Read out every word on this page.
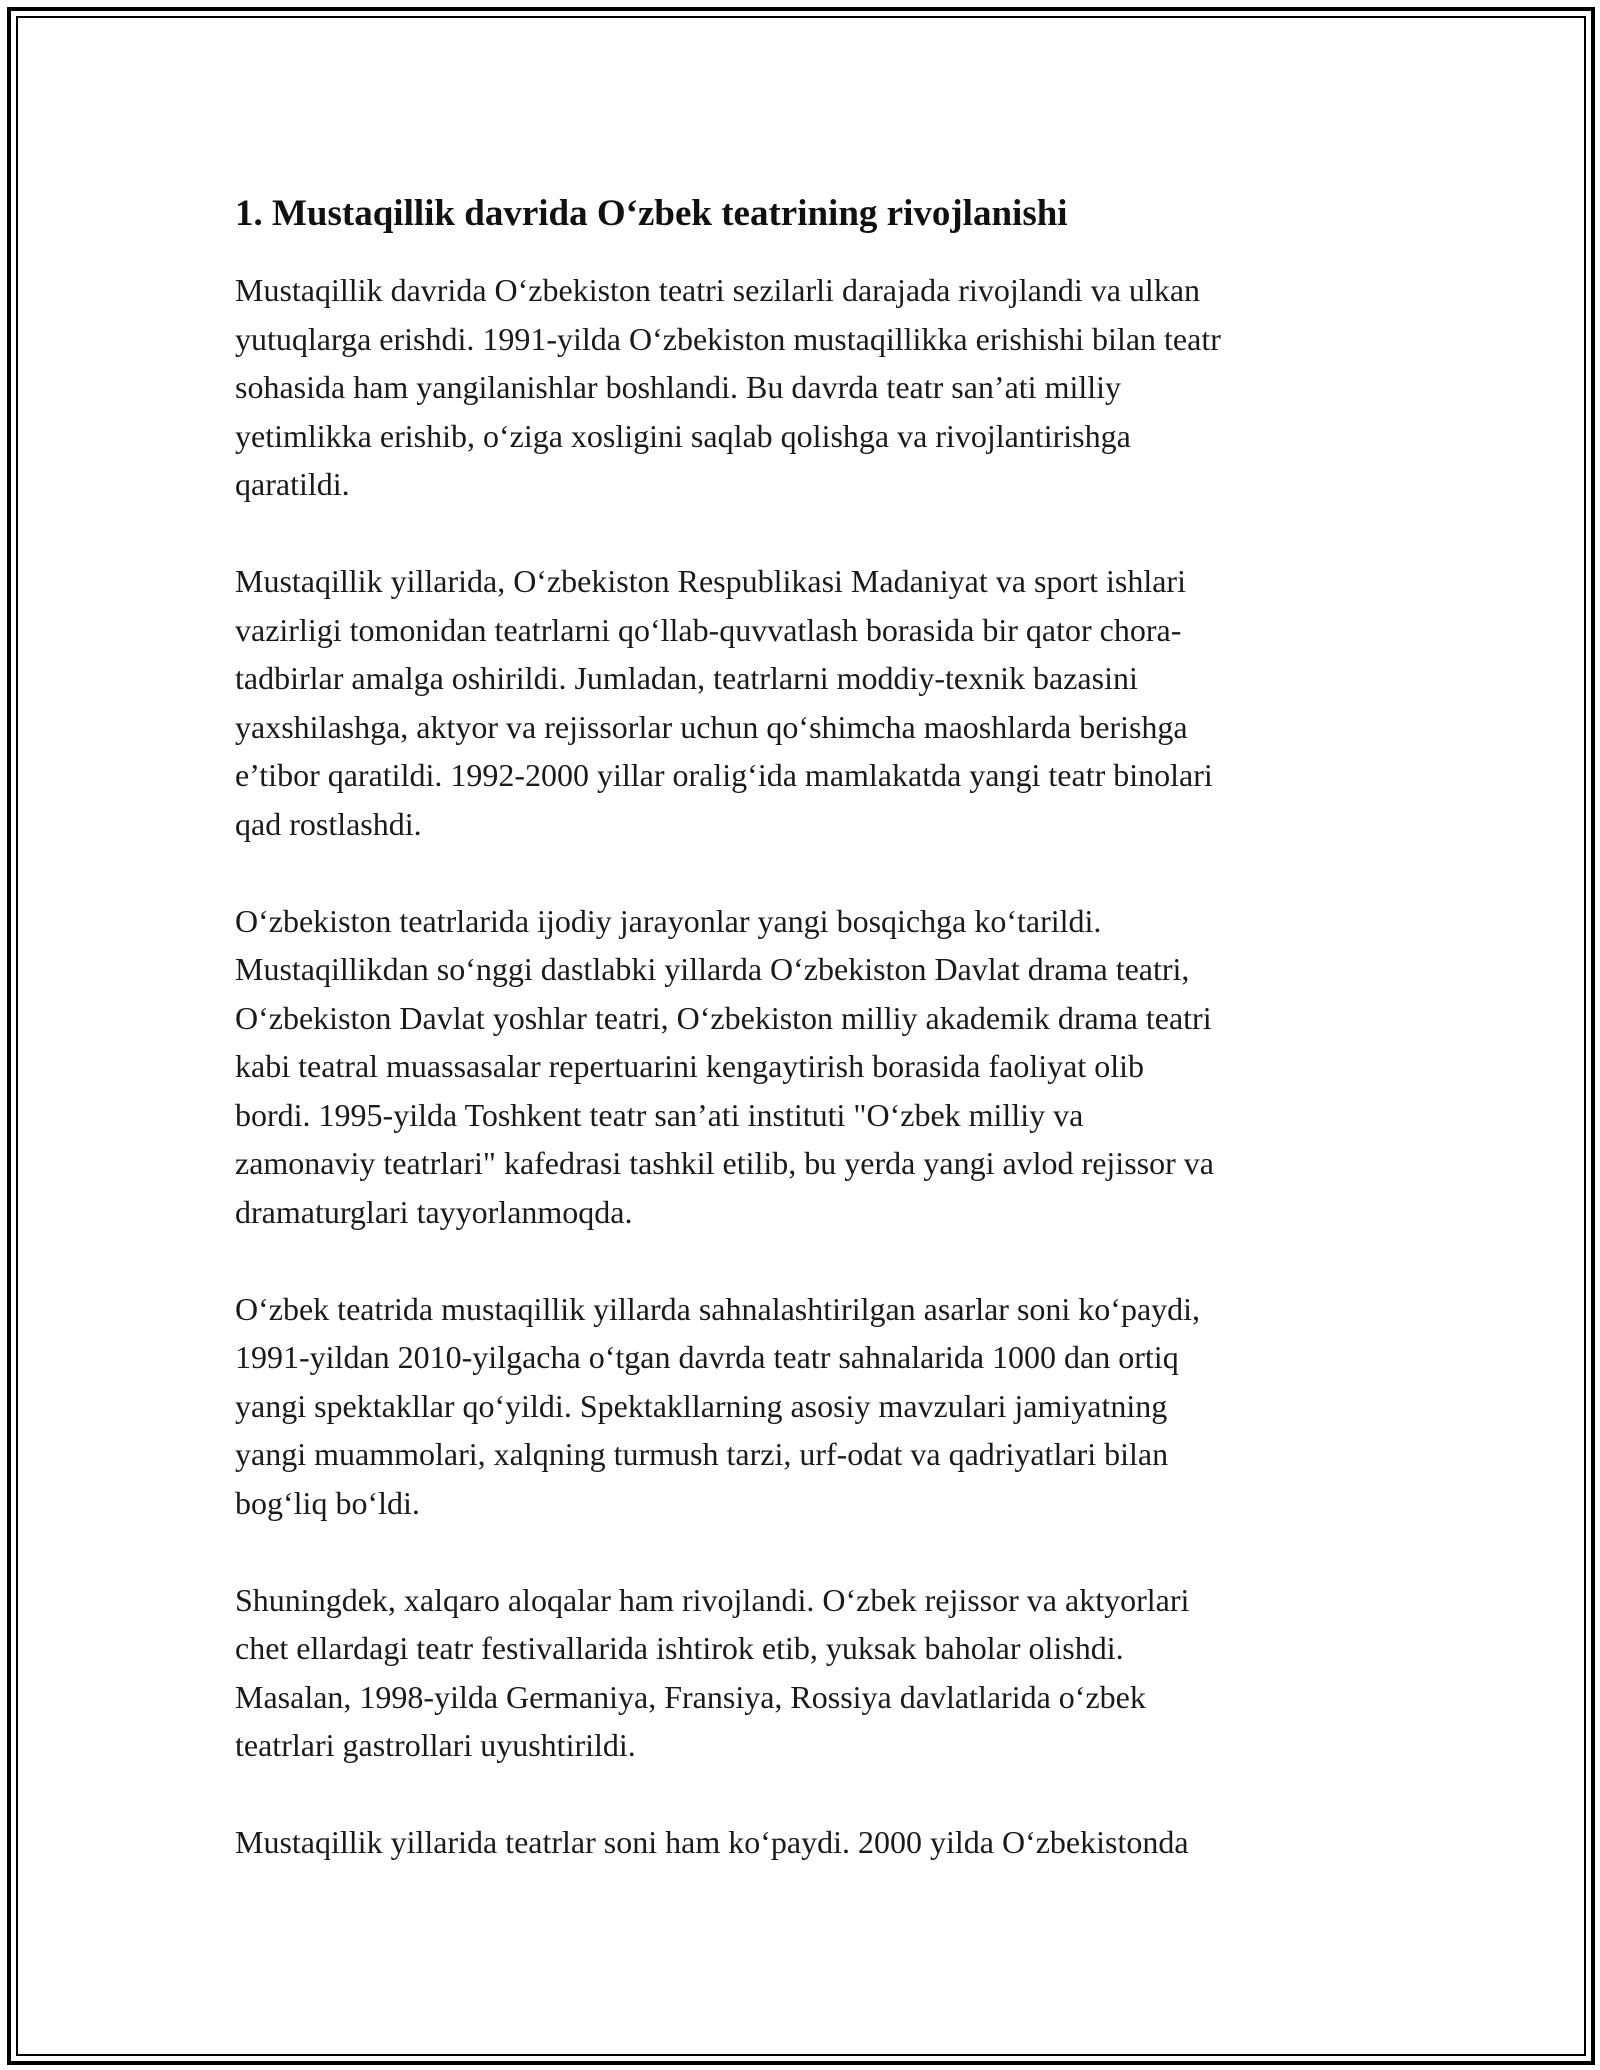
1. Mustaqillik davrida O‘zbek teatrining rivojlanishi

Mustaqillik davrida O‘zbekiston teatri sezilarli darajada rivojlandi va ulkan
yutuqlarga erishdi. 1991-yilda O‘zbekiston mustaqillikka erishishi bilan teatr
sohasida ham yangilanishlar boshlandi. Bu davrda teatr san’ati milliy
yetimlikka erishib, o‘ziga xosligini saqlab qolishga va rivojlantirishga
qaratildi.

Mustaqillik yillarida, O‘zbekiston Respublikasi Madaniyat va sport ishlari
vazirligi tomonidan teatrlarni qo‘llab-quvvatlash borasida bir qator chora-
tadbirlar amalga oshirildi. Jumladan, teatrlarni moddiy-texnik bazasini
yaxshilashga, aktyor va rejissorlar uchun qo‘shimcha maoshlarda berishga
e’tibor qaratildi. 1992-2000 yillar oralig‘ida mamlakatda yangi teatr binolari
qad rostlashdi.

O‘zbekiston teatrlarida ijodiy jarayonlar yangi bosqichga ko‘tarildi.
Mustaqillikdan so‘nggi dastlabki yillarda O‘zbekiston Davlat drama teatri,
O‘zbekiston Davlat yoshlar teatri, O‘zbekiston milliy akademik drama teatri
kabi teatral muassasalar repertuarini kengaytirish borasida faoliyat olib
bordi. 1995-yilda Toshkent teatr san’ati instituti "O‘zbek milliy va
zamonaviy teatrlari" kafedrasi tashkil etilib, bu yerda yangi avlod rejissor va
dramaturglari tayyorlanmoqda.

O‘zbek teatrida mustaqillik yillarda sahnalashtirilgan asarlar soni ko‘paydi,
1991-yildan 2010-yilgacha o‘tgan davrda teatr sahnalarida 1000 dan ortiq
yangi spektakllar qo‘yildi. Spektakllarning asosiy mavzulari jamiyatning
yangi muammolari, xalqning turmush tarzi, urf-odat va qadriyatlari bilan
bog‘liq bo‘ldi.

Shuningdek, xalqaro aloqalar ham rivojlandi. O‘zbek rejissor va aktyorlari
chet ellardagi teatr festivallarida ishtirok etib, yuksak baholar olishdi.
Masalan, 1998-yilda Germaniya, Fransiya, Rossiya davlatlarida o‘zbek
teatrlari gastrollari uyushtirildi.

Mustaqillik yillarida teatrlar soni ham ko‘paydi. 2000 yilda O‘zbekistonda
